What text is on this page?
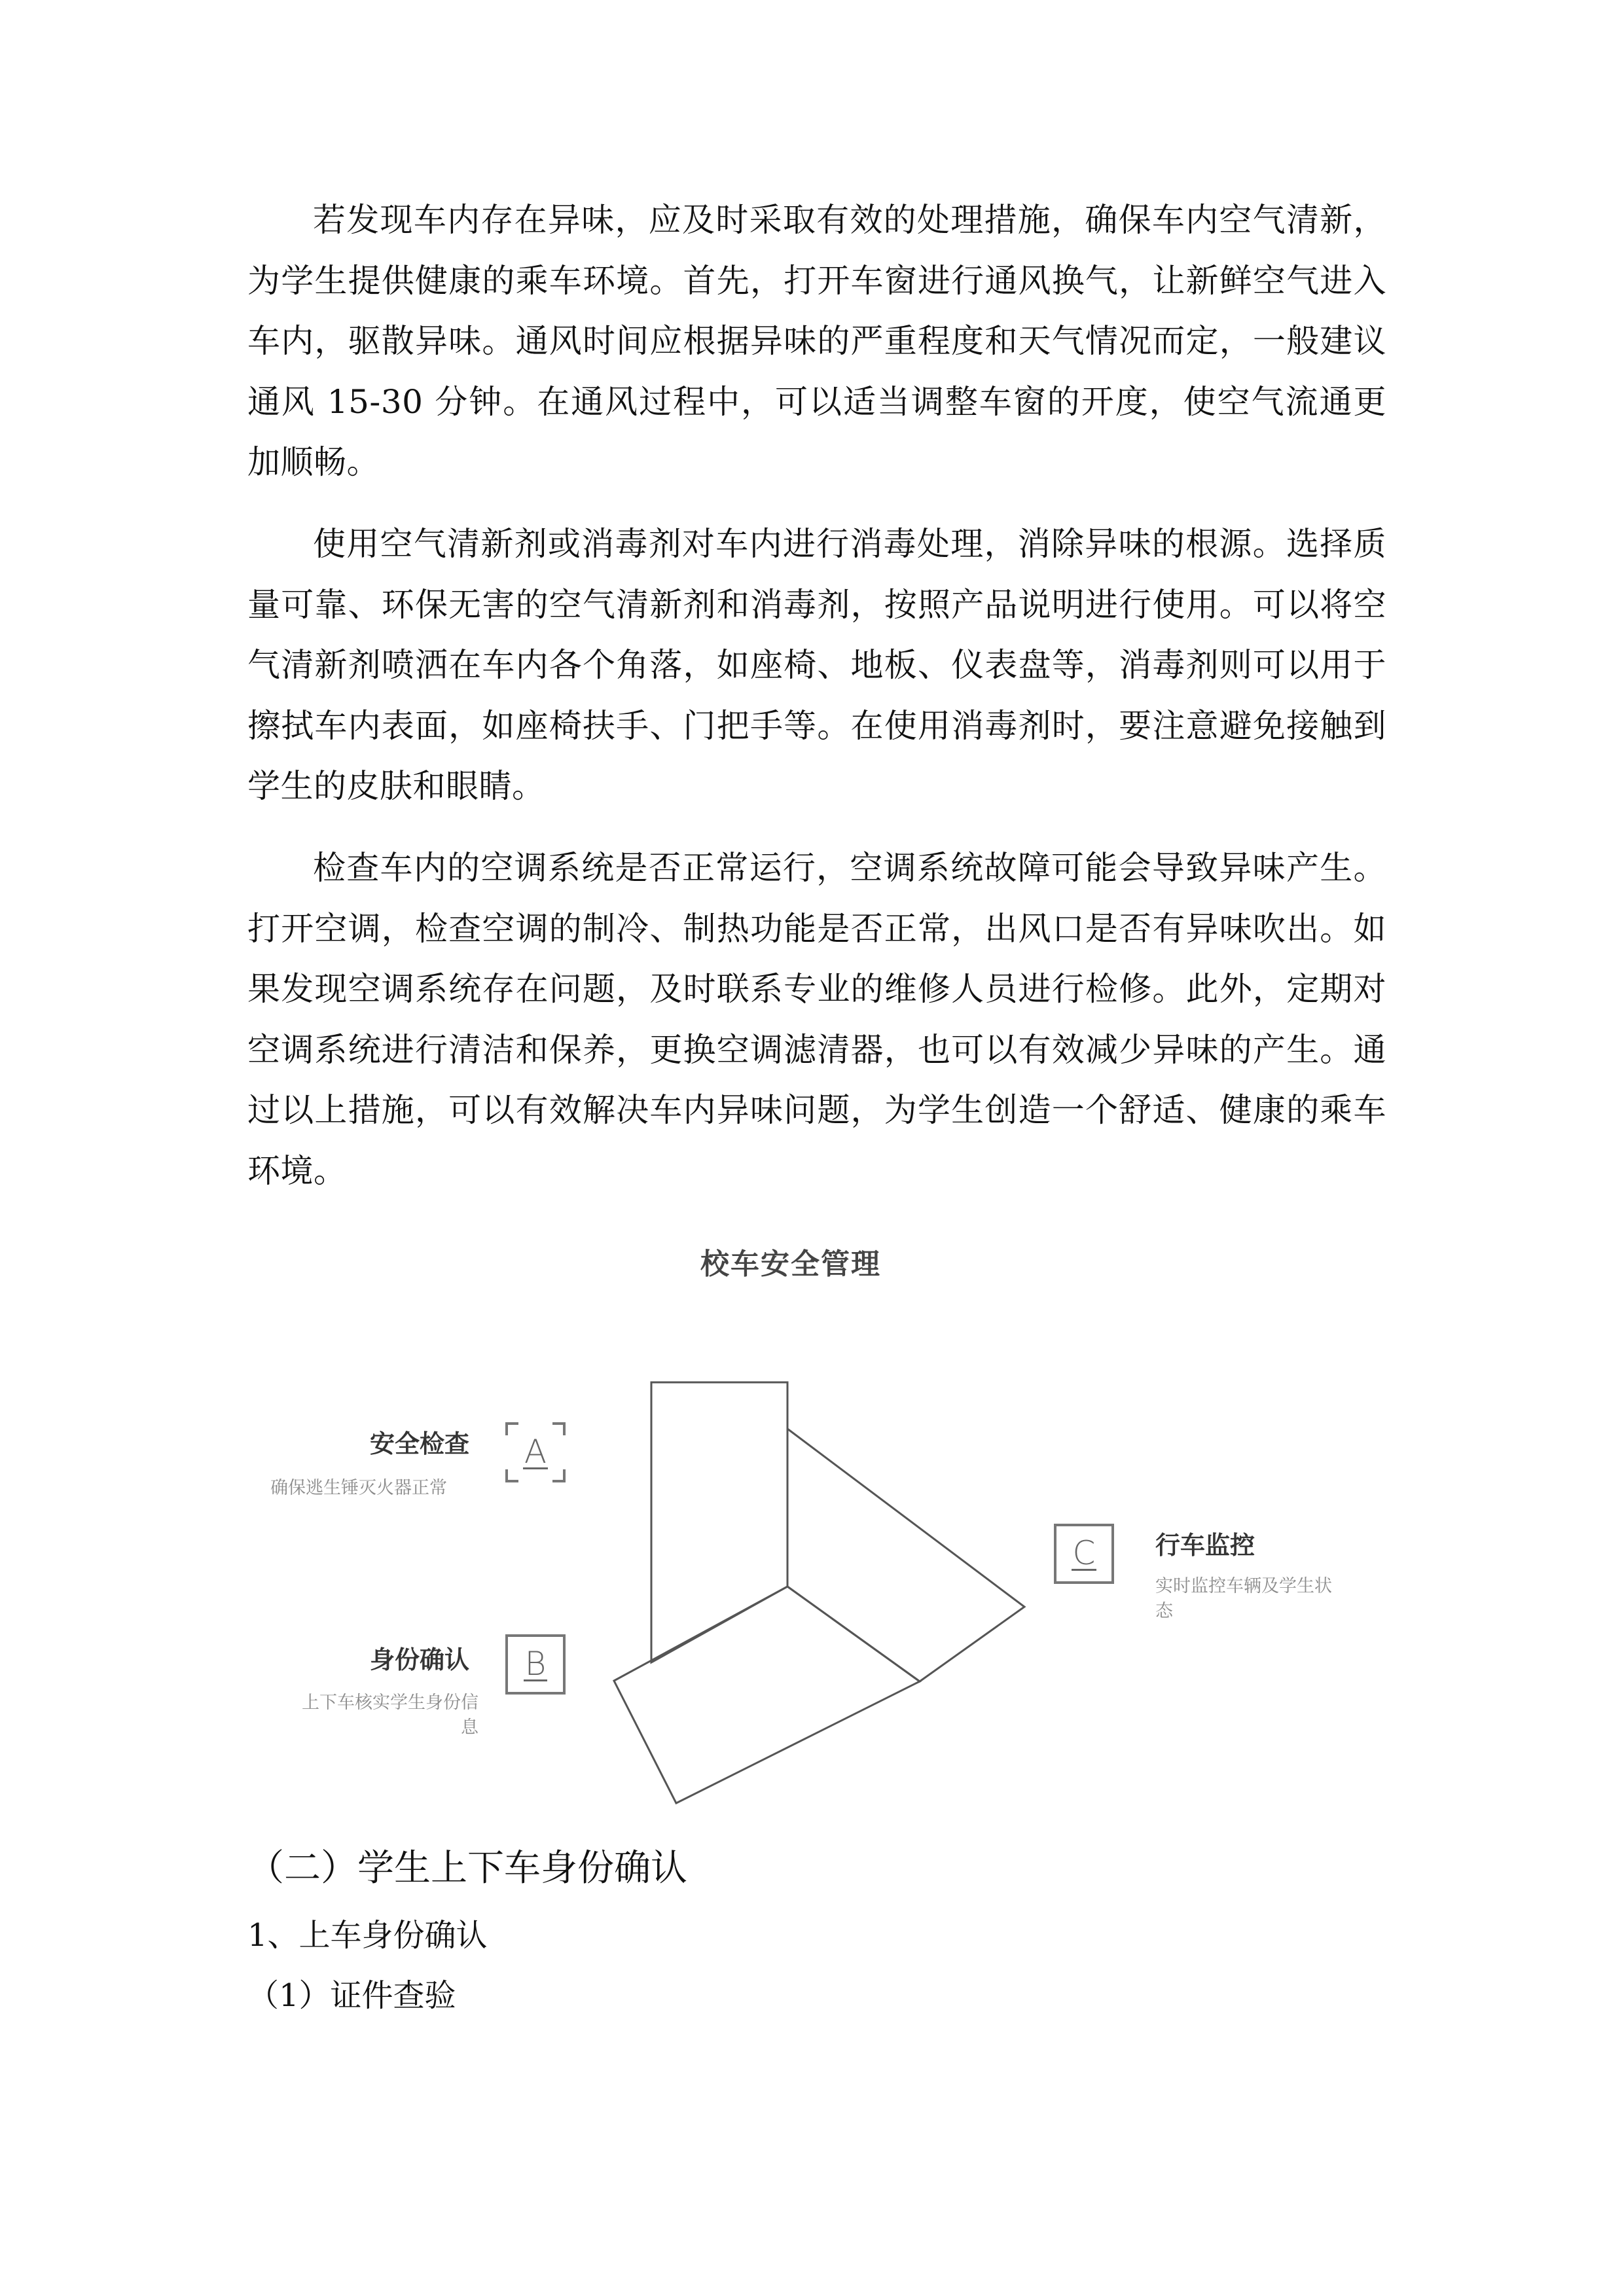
若发现车内存在异味，应及时采取有效的处理措施，确保车内空气清新，为学生提供健康的乘车环境。首先，打开车窗进行通风换气，让新鲜空气进入车内，驱散异味。通风时间应根据异味的严重程度和天气情况而定，一般建议通风 15-30 分钟。在通风过程中，可以适当调整车窗的开度，使空气流通更加顺畅。

使用空气清新剂或消毒剂对车内进行消毒处理，消除异味的根源。选择质量可靠、环保无害的空气清新剂和消毒剂，按照产品说明进行使用。可以将空气清新剂喷洒在车内各个角落，如座椅、地板、仪表盘等，消毒剂则可以用于擦拭车内表面，如座椅扶手、门把手等。在使用消毒剂时，要注意避免接触到学生的皮肤和眼睛。

检查车内的空调系统是否正常运行，空调系统故障可能会导致异味产生。打开空调，检查空调的制冷、制热功能是否正常，出风口是否有异味吹出。如果发现空调系统存在问题，及时联系专业的维修人员进行检修。此外，定期对空调系统进行清洁和保养，更换空调滤清器，也可以有效减少异味的产生。通过以上措施，可以有效解决车内异味问题，为学生创造一个舒适、健康的乘车环境。

校车安全管理
安全检查
确保逃生锤灭火器正常
A
身份确认
上下车核实学生身份信
息
B
C 行车监控
实时监控车辆及学生状
态
（二）学生上下车身份确认

1、上车身份确认

（1）证件查验
